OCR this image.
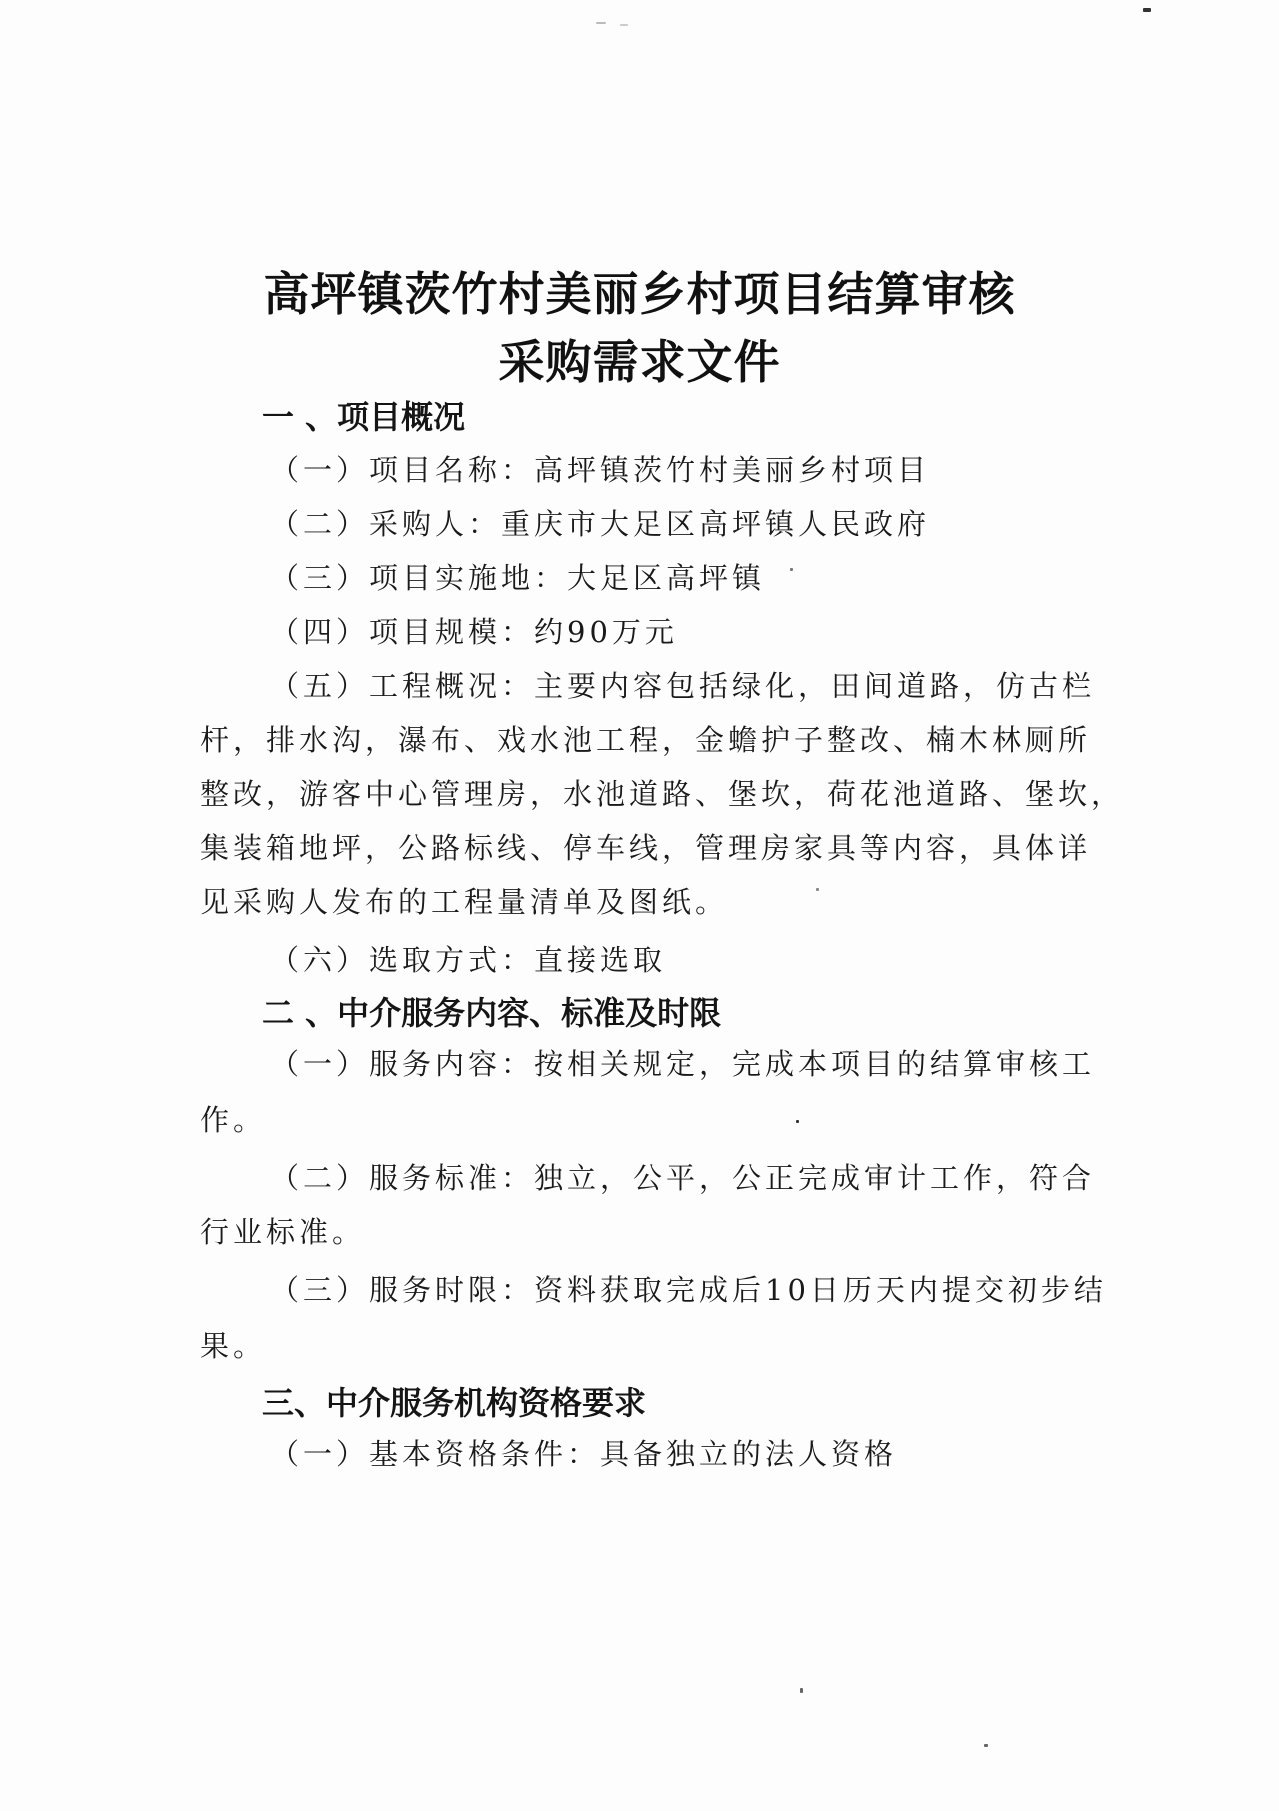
高坪镇茨竹村美丽乡村项目结算审核
采购需求文件
一 、项目概况
（一）项目名称：高坪镇茨竹村美丽乡村项目
（二）采购人：重庆市大足区高坪镇人民政府
（三）项目实施地：大足区高坪镇
（四）项目规模：约90万元
（五）工程概况：主要内容包括绿化，田间道路，仿古栏
杆，排水沟，瀑布、戏水池工程，金蟾护子整改、楠木林厕所
整改，游客中心管理房，水池道路、堡坎，荷花池道路、堡坎，
集装箱地坪，公路标线、停车线，管理房家具等内容，具体详
见采购人发布的工程量清单及图纸。
（六）选取方式：直接选取
二 、中介服务内容、标准及时限
（一）服务内容：按相关规定，完成本项目的结算审核工
作。
（二）服务标准：独立，公平，公正完成审计工作，符合
行业标准。
（三）服务时限：资料获取完成后10日历天内提交初步结
果。
三、中介服务机构资格要求
（一）基本资格条件：具备独立的法人资格
